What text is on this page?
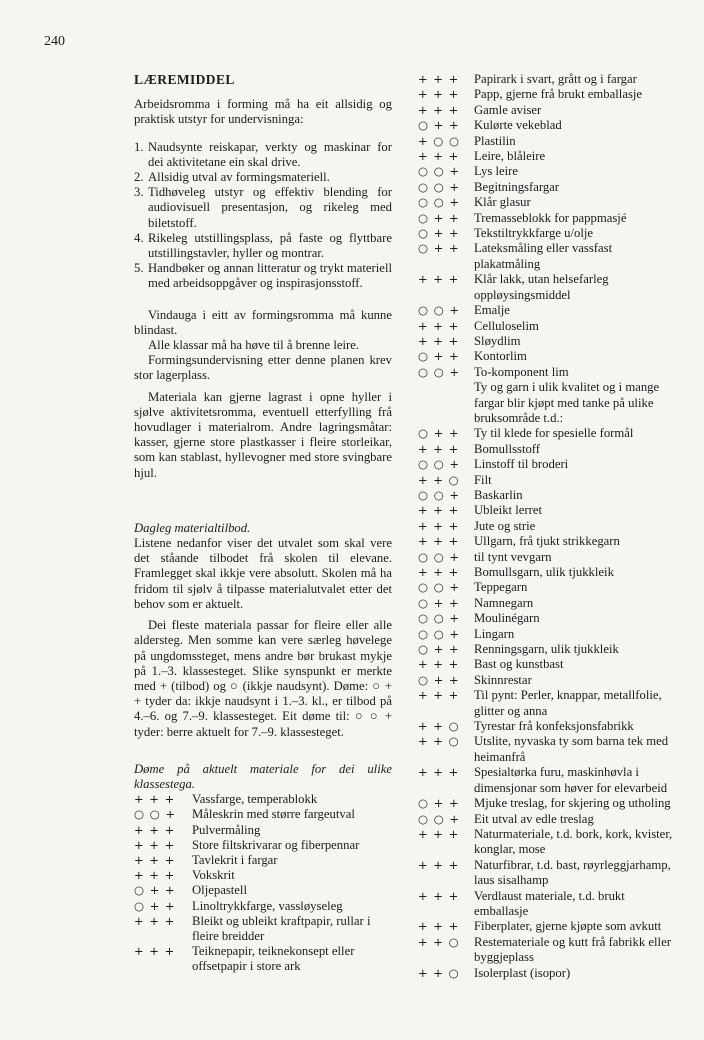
240
LÆREMIDDEL

Arbeidsromma i forming må ha eit allsidig og praktisk utstyr for undervisninga:

1. Naudsynte reiskapar, verkty og maskinar for dei aktivitetane ein skal drive.
2. Allsidig utval av formingsmateriell.
3. Tidhøveleg utstyr og effektiv blending for audiovisuell presentasjon, og rikeleg med biletstoff.
4. Rikeleg utstillingsplass, på faste og flyttbare utstillingstavler, hyller og montrar.
5. Handbøker og annan litteratur og trykt materiell med arbeidsoppgåver og inspirasjonsstoff.

Vindauga i eitt av formingsromma må kunne blindast.

Alle klassar må ha høve til å brenne leire.

Formingsundervisning etter denne planen krev stor lagerplass.

Materiala kan gjerne lagrast i opne hyller i sjølve aktivitetsromma, eventuell etterfylling frå hovudlager i materialrom. Andre lagringsmåtar: kasser, gjerne store plastkasser i fleire storleikar, som kan stablast, hyllevogner med store svingbare hjul.

Dagleg materialtilbod.

Listene nedanfor viser det utvalet som skal vere det ståande tilbodet frå skolen til elevane. Framlegget skal ikkje vere absolutt. Skolen må ha fridom til sjølv å tilpasse materialutvalet etter det behov som er aktuelt.

Dei fleste materiala passar for fleire eller alle aldersteg. Men somme kan vere særleg høvelege på ungdomssteget, mens andre bør brukast mykje på 1.–3. klassesteget. Slike synspunkt er merkte med + (tilbod) og ○ (ikkje naudsynt). Døme: ○ + + tyder da: ikkje naudsynt i 1.–3. kl., er tilbod på 4.–6. og 7.–9. klassesteget. Eit døme til: ○ ○ + tyder: berre aktuelt for 7.–9. klassesteget.

Døme på aktuelt materiale for dei ulike klassestega.

+ + +	Vassfarge, temperablokk
○ ○ +	Måleskrin med større fargeutval
+ + +	Pulvermåling
+ + +	Store filtskrivarar og fiberpennar
+ + +	Tavlekrit i fargar
+ + +	Vokskrit
○ + +	Oljepastell
○ + +	Linoltrykkfarge, vassløyseleg
+ + +	Bleikt og ubleikt kraftpapir, rullar i fleire breidder
+ + +	Teiknepapir, teiknekonsept eller offsetpapir i store ark
+ + +	Papirark i svart, grått og i fargar
+ + +	Papp, gjerne frå brukt emballasje
+ + +	Gamle aviser
○ + +	Kulørte vekeblad
+ ○ ○	Plastilin
+ + +	Leire, blåleire
○ ○ +	Lys leire
○ ○ +	Begitningsfargar
○ ○ +	Klår glasur
○ + +	Tremasseblokk for pappmasjé
○ + +	Tekstiltrykkfarge u/olje
○ + +	Lateksmåling eller vassfast plakatmåling
+ + +	Klår lakk, utan helsefarleg oppløysingsmiddel
○ ○ +	Emalje
+ + +	Celluloselim
+ + +	Sløydlim
○ + +	Kontorlim
○ ○ +	To-komponent lim
Ty og garn i ulik kvalitet og i mange fargar blir kjøpt med tanke på ulike bruksområde t.d.:
○ + +	Ty til klede for spesielle formål
+ + +	Bomullsstoff
○ ○ +	Linstoff til broderi
+ + ○	Filt
○ ○ +	Baskarlin
+ + +	Ubleikt lerret
+ + +	Jute og strie
+ + +	Ullgarn, frå tjukt strikkegarn
○ ○ +	til tynt vevgarn
+ + +	Bomullsgarn, ulik tjukkleik
○ ○ +	Teppegarn
○ + +	Namnegarn
○ ○ +	Moulinégarn
○ ○ +	Lingarn
○ + +	Renningsgarn, ulik tjukkleik
+ + +	Bast og kunstbast
○ + +	Skinnrestar
+ + +	Til pynt: Perler, knappar, metallfolie, glitter og anna
+ + ○	Tyrestar frå konfeksjonsfabrikk
+ + ○	Utslite, nyvaska ty som barna tek med heimanfrå
+ + +	Spesialtørka furu, maskinhøvla i dimensjonar som høver for elevarbeid
○ + +	Mjuke treslag, for skjering og utholing
○ ○ +	Eit utval av edle treslag
+ + +	Naturmateriale, t.d. bork, kork, kvister, konglar, mose
+ + +	Naturfibrar, t.d. bast, røyrleggjarhamp, laus sisalhamp
+ + +	Verdlaust materiale, t.d. brukt emballasje
+ + +	Fiberplater, gjerne kjøpte som avkutt
+ + ○	Restemateriale og kutt frå fabrikk eller byggjeplass
+ + ○	Isolerplast (isopor)
